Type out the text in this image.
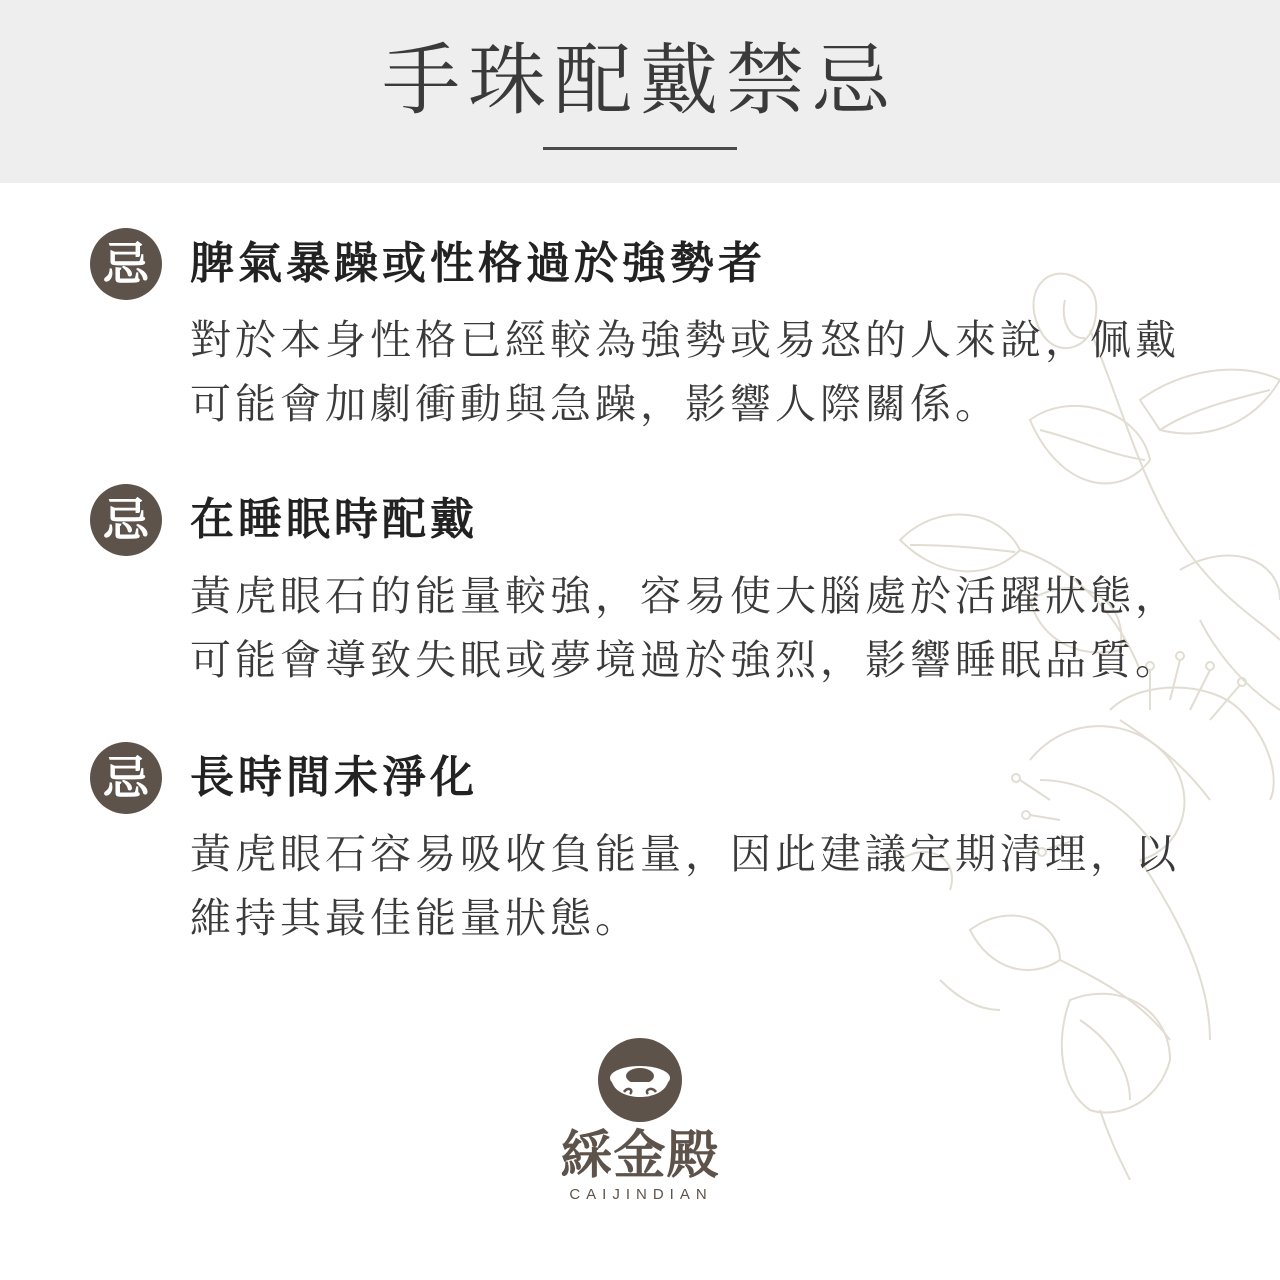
手珠配戴禁忌
忌 脾氣暴躁或性格過於強勢者
對於本身性格已經較為強勢或易怒的人來說，佩戴可能會加劇衝動與急躁，影響人際關係。
忌 在睡眠時配戴
黃虎眼石的能量較強，容易使大腦處於活躍狀態，可能會導致失眠或夢境過於強烈，影響睡眠品質。
忌 長時間未淨化
黃虎眼石容易吸收負能量，因此建議定期清理，以維持其最佳能量狀態。
綵金殿
CAIJINDIAN
